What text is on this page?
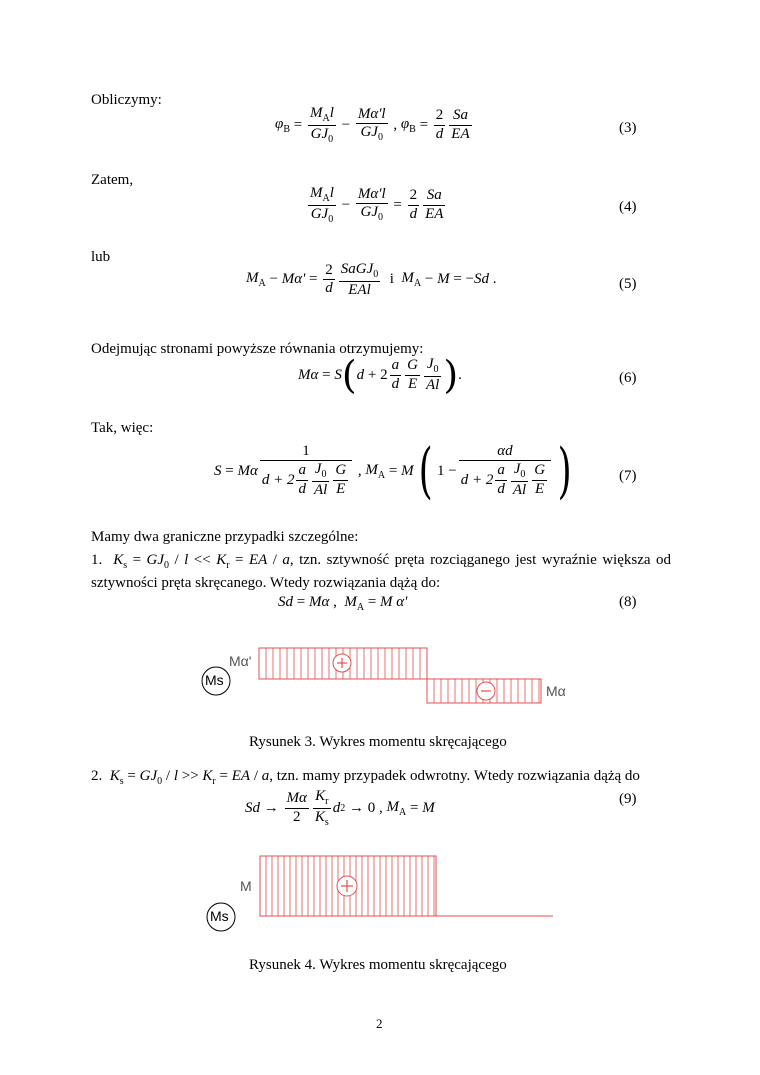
Obliczymy:
$\varphi_B = \frac{M_Al}{GJ_0} - \frac{M\alpha'l}{GJ_0}$ , $\varphi_B = \frac{2}{d} \frac{Sa}{EA}$	(3)
Zatem,
$\frac{M_Al}{GJ_0} - \frac{M\alpha'l}{GJ_0} = \frac{2}{d} \frac{Sa}{EA}$	(4)
lub
$M_A - M\alpha' = \frac{2}{d} \frac{SaGJ_0}{\text{EAl}}$ i $M_A - M$ = − Sd .	(5)
Odejmując stronami powyższe równania otrzymujemy:
Mα = S ( $d + 2 \frac{a}{d} \frac{G}{E} \frac{J_0}{Al}$ ) .	(6)
Tak, więc:
S = Mα $\frac{1}{d + 2 \frac{a}{d} \frac{J_0}{Al} \frac{G}{E}}$ , $M_A = M$ ( $1 - \frac{\alpha d}{d + 2 \frac{a}{d} \frac{J_0}{Al} \frac{G}{E}}$ )	(7)
Mamy dwa graniczne przypadki szczególne:
1. $K_s = GJ_0 / l << K_r$ = EA / a, tzn. sztywność pręta rozciąganego jest wyraźnie większa od
sztywności pręta skręcanego. Wtedy rozwiązania dążą do:
Sd = Mα ,  $M_A = M$ α'	(8)
Ms
Mα'
Mα
Rysunek 3. Wykres momentu skręcającego
2. $K_s = GJ_0 / l >> K_r$ = EA / a, tzn. mamy przypadek odwrotny. Wtedy rozwiązania dążą do
$Sd \to \frac{M\alpha}{2} \frac{K_r}{K_s}$ d 2 → 0 , $M_A = M$
(9)
Ms
M
Rysunek 4. Wykres momentu skręcającego
2
